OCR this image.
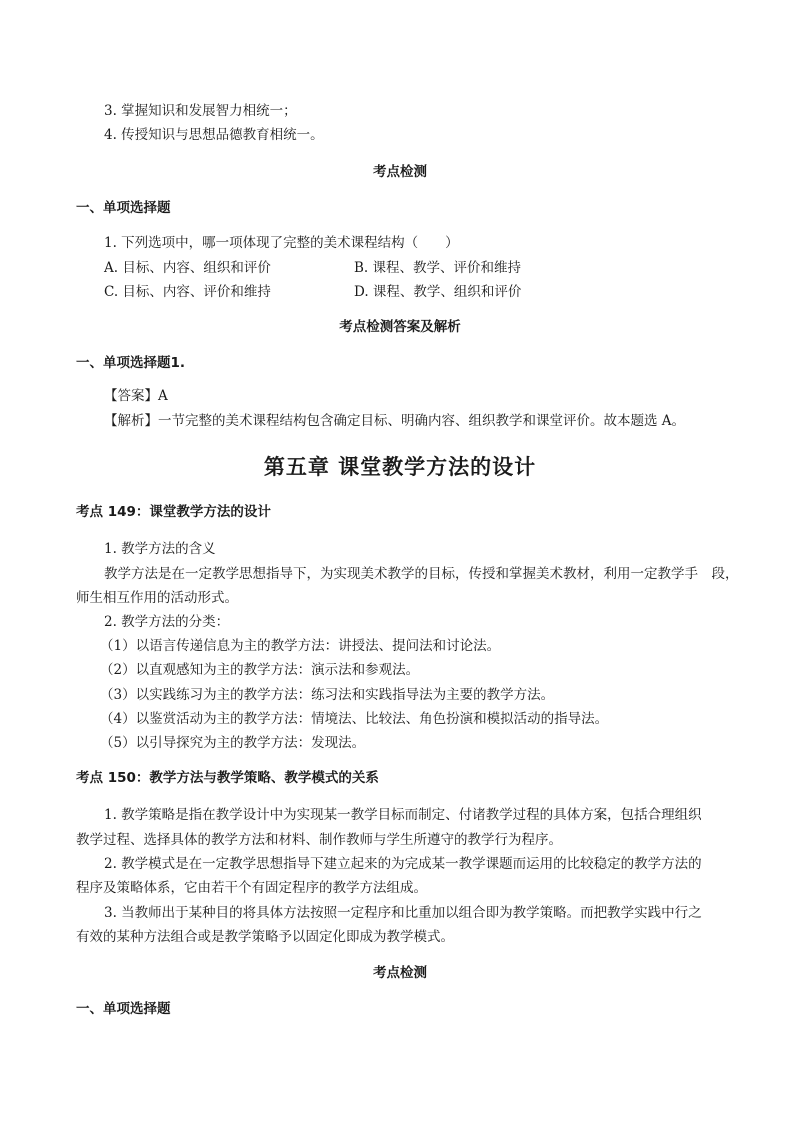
3. 掌握知识和发展智力相统一；
4. 传授知识与思想品德教育相统一。
考点检测
一、单项选择题
1. 下列选项中，哪一项体现了完整的美术课程结构（　　）
A. 目标、内容、组织和评价	B. 课程、教学、评价和维持
C. 目标、内容、评价和维持	D. 课程、教学、组织和评价
考点检测答案及解析
一、单项选择题1.
【答案】A
【解析】一节完整的美术课程结构包含确定目标、明确内容、组织教学和课堂评价。故本题选 A。
第五章 课堂教学方法的设计
考点 149：课堂教学方法的设计
1. 教学方法的含义
教学方法是在一定教学思想指导下，为实现美术教学的目标，传授和掌握美术教材，利用一定教学手　段，
师生相互作用的活动形式。
2. 教学方法的分类：
（1）以语言传递信息为主的教学方法：讲授法、提问法和讨论法。
（2）以直观感知为主的教学方法：演示法和参观法。
（3）以实践练习为主的教学方法：练习法和实践指导法为主要的教学方法。
（4）以鉴赏活动为主的教学方法：情境法、比较法、角色扮演和模拟活动的指导法。
（5）以引导探究为主的教学方法：发现法。
考点 150：教学方法与教学策略、教学模式的关系
1. 教学策略是指在教学设计中为实现某一教学目标而制定、付诸教学过程的具体方案，包括合理组织
教学过程、选择具体的教学方法和材料、制作教师与学生所遵守的教学行为程序。
2. 教学模式是在一定教学思想指导下建立起来的为完成某一教学课题而运用的比较稳定的教学方法的
程序及策略体系，它由若干个有固定程序的教学方法组成。
3. 当教师出于某种目的将具体方法按照一定程序和比重加以组合即为教学策略。而把教学实践中行之
有效的某种方法组合或是教学策略予以固定化即成为教学模式。
考点检测
一、单项选择题
